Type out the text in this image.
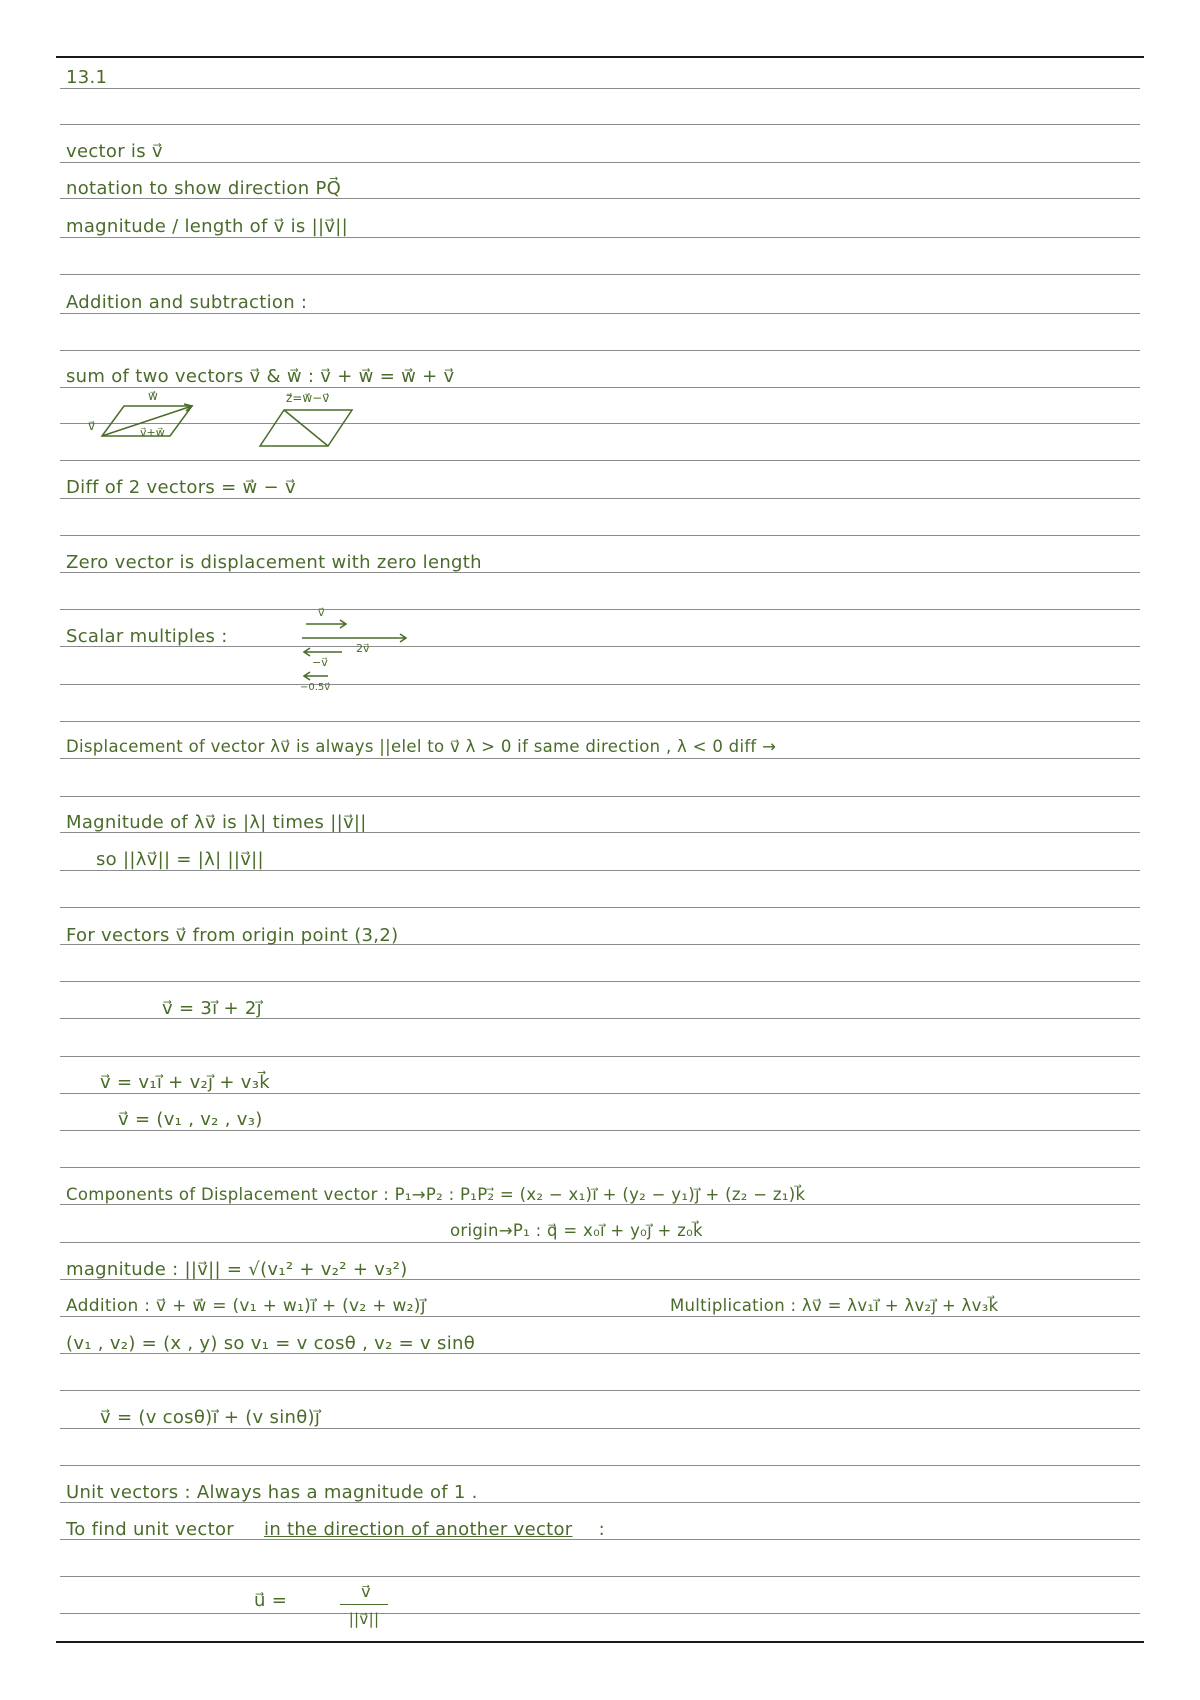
13.1
vector is v⃗
notation to show direction PQ⃗
magnitude / length of v⃗ is ||v⃗||
Addition and subtraction :
sum of two vectors v⃗ & w⃗ : v⃗ + w⃗ = w⃗ + v⃗
v⃗
w⃗
v⃗+w⃗
z⃗=w⃗−v⃗
Diff of 2 vectors = w⃗ − v⃗
Zero vector is displacement with zero length
Scalar multiples :
v⃗
2v⃗
−v⃗
−0.5v⃗
Displacement of vector λv⃗ is always ||elel to v⃗ λ > 0 if same direction , λ < 0 diff →
Magnitude of λv⃗ is |λ| times ||v⃗||
so ||λv⃗|| = |λ| ||v⃗||
For vectors v⃗ from origin point (3,2)
v⃗ = 3i⃗ + 2j⃗
v⃗ = v₁i⃗ + v₂j⃗ + v₃k⃗
v⃗ = (v₁ , v₂ , v₃)
Components of Displacement vector : P₁→P₂ : P₁P₂⃗ = (x₂ − x₁)i⃗ + (y₂ − y₁)j⃗ + (z₂ − z₁)k⃗
origin→P₁ : q⃗ = x₀i⃗ + y₀j⃗ + z₀k⃗
magnitude : ||v⃗|| = √(v₁² + v₂² + v₃²)
Addition : v⃗ + w⃗ = (v₁ + w₁)i⃗ + (v₂ + w₂)j⃗	Multiplication : λv⃗ = λv₁i⃗ + λv₂j⃗ + λv₃k⃗
(v₁ , v₂) = (x , y) so v₁ = v cosθ , v₂ = v sinθ
v⃗ = (v cosθ)i⃗ + (v sinθ)j⃗
Unit vectors : Always has a magnitude of 1 .
To find unit vector in the direction of another vector :
u⃗ =	v⃗
||v⃗||
